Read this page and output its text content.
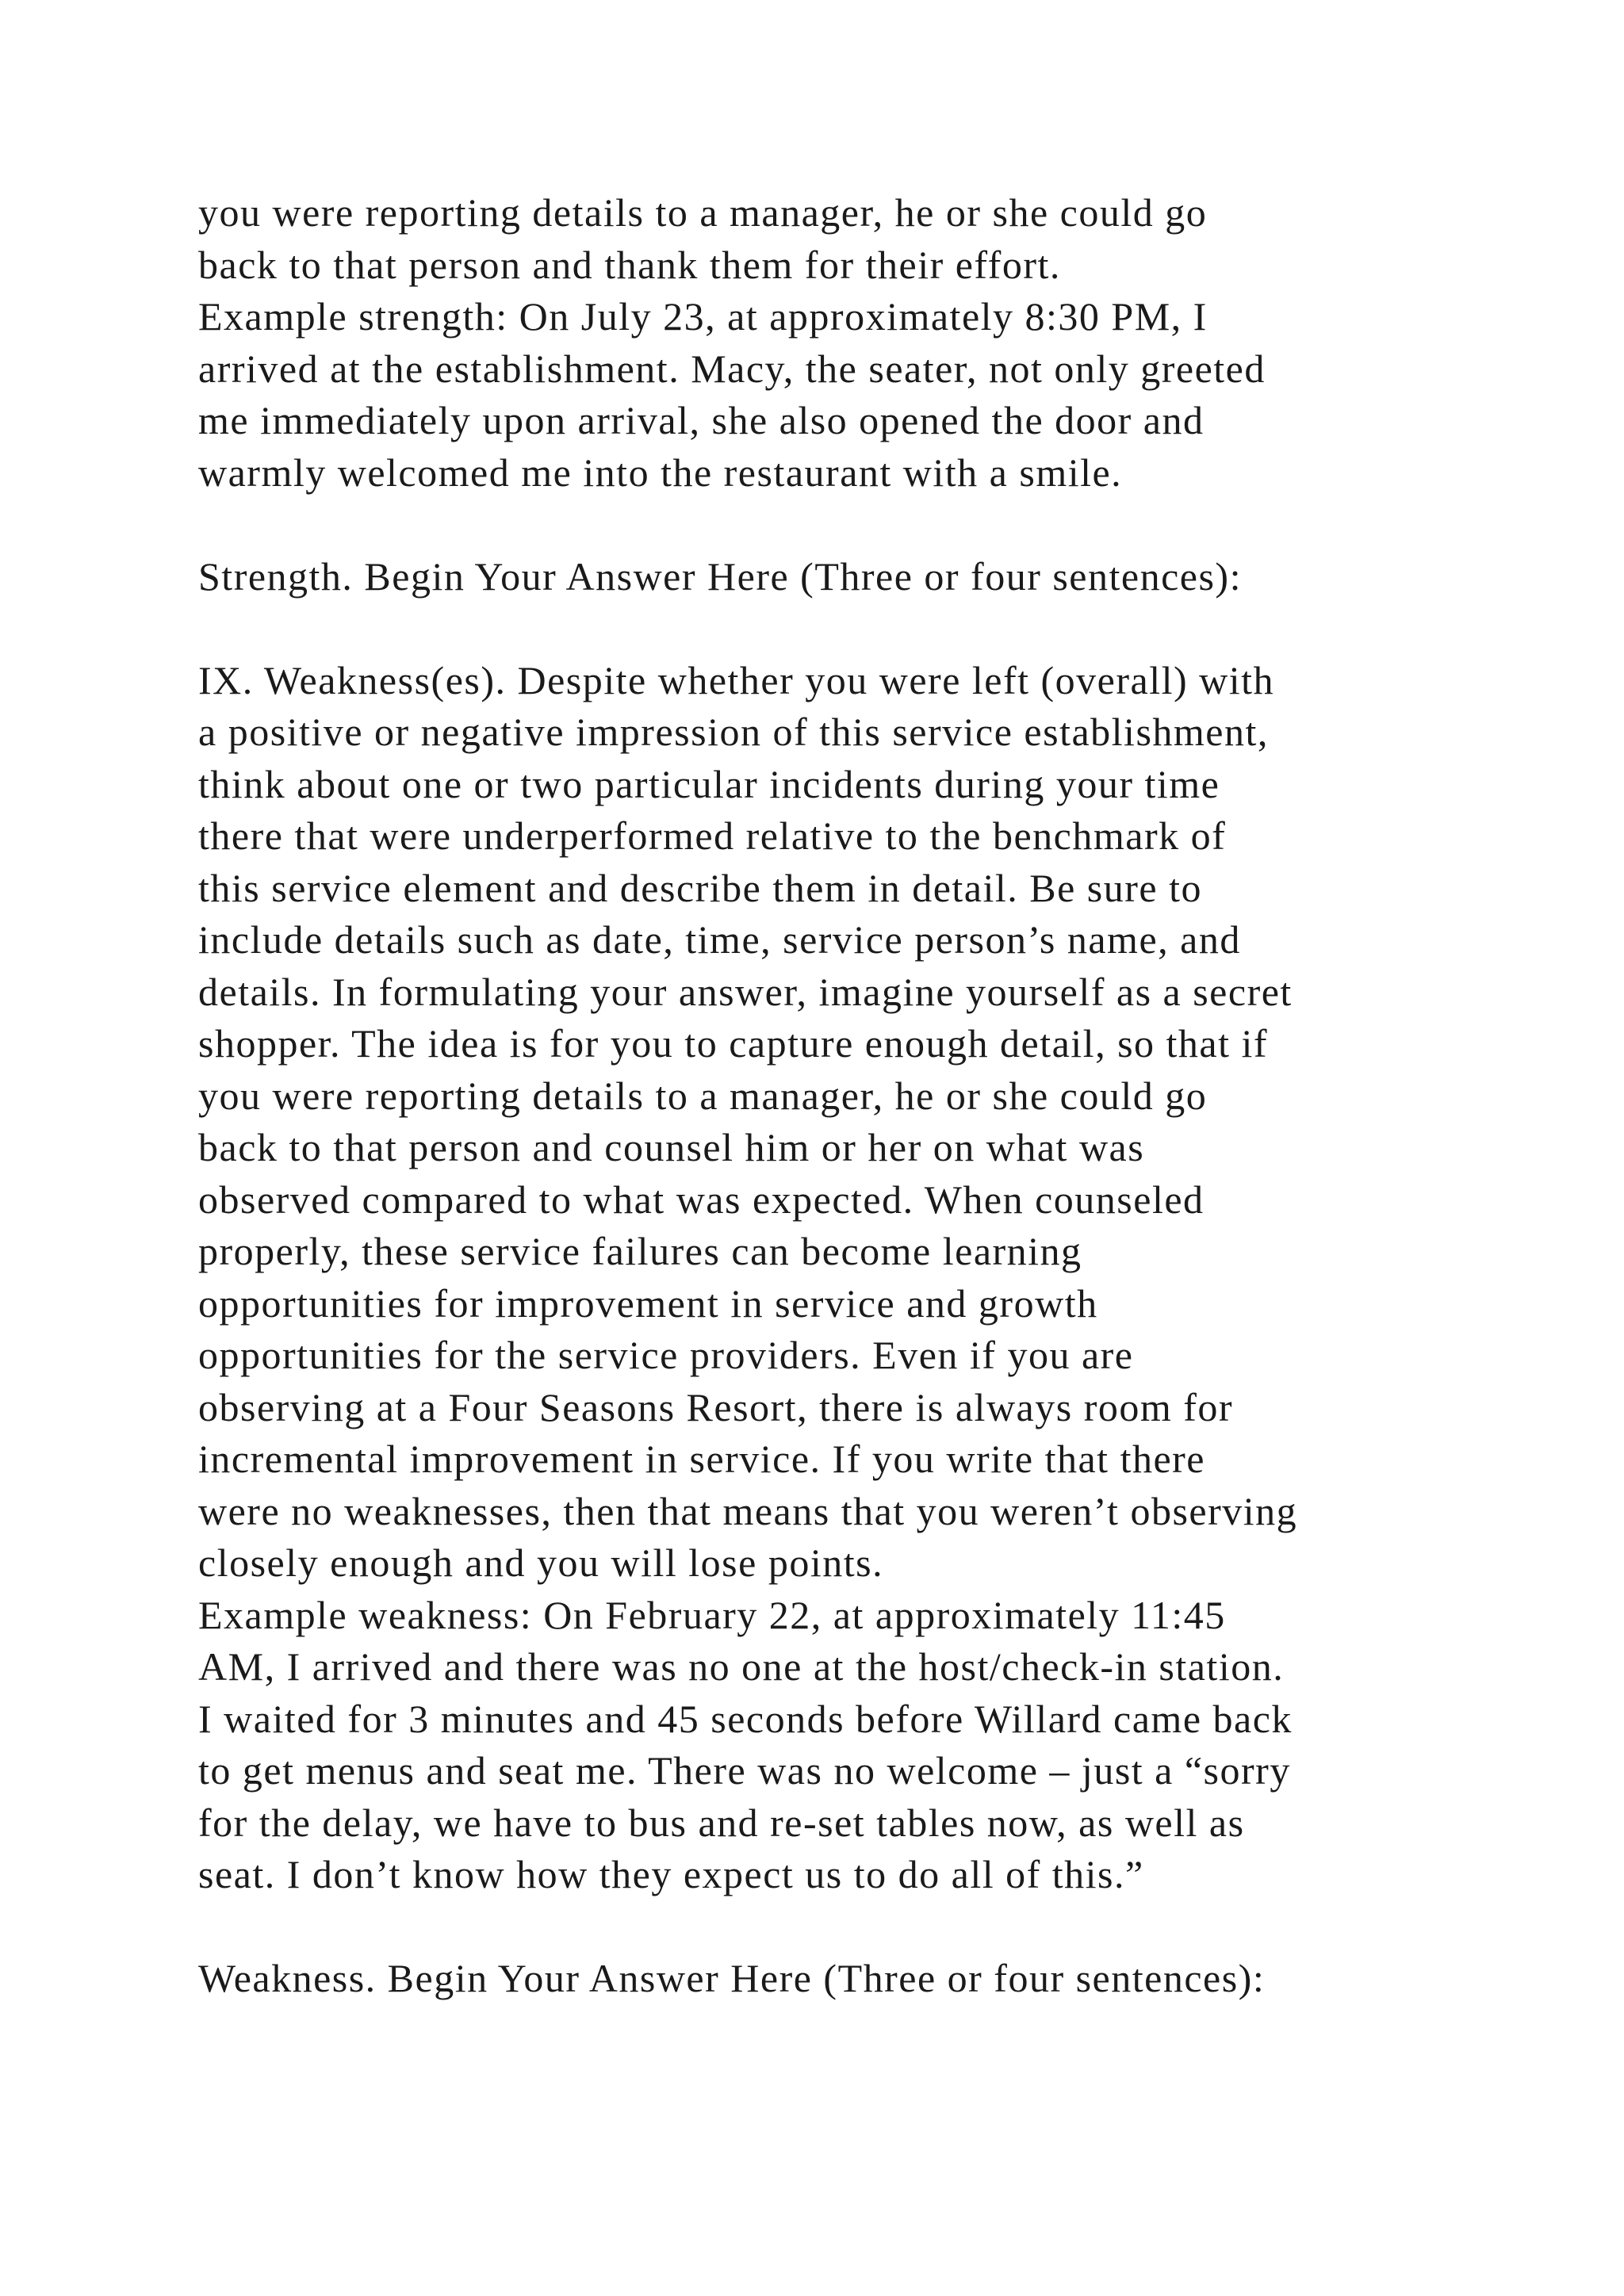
you were reporting details to a manager, he or she could go
back to that person and thank them for their effort.
Example strength: On July 23, at approximately 8:30 PM, I
arrived at the establishment. Macy, the seater, not only greeted
me immediately upon arrival, she also opened the door and
warmly welcomed me into the restaurant with a smile.
Strength. Begin Your Answer Here (Three or four sentences):
IX. Weakness(es). Despite whether you were left (overall) with
a positive or negative impression of this service establishment,
think about one or two particular incidents during your time
there that were underperformed relative to the benchmark of
this service element and describe them in detail. Be sure to
include details such as date, time, service person’s name, and
details. In formulating your answer, imagine yourself as a secret
shopper. The idea is for you to capture enough detail, so that if
you were reporting details to a manager, he or she could go
back to that person and counsel him or her on what was
observed compared to what was expected. When counseled
properly, these service failures can become learning
opportunities for improvement in service and growth
opportunities for the service providers. Even if you are
observing at a Four Seasons Resort, there is always room for
incremental improvement in service. If you write that there
were no weaknesses, then that means that you weren’t observing
closely enough and you will lose points.
Example weakness: On February 22, at approximately 11:45
AM, I arrived and there was no one at the host/check-in station.
I waited for 3 minutes and 45 seconds before Willard came back
to get menus and seat me. There was no welcome – just a “sorry
for the delay, we have to bus and re-set tables now, as well as
seat. I don’t know how they expect us to do all of this.”
Weakness. Begin Your Answer Here (Three or four sentences):
